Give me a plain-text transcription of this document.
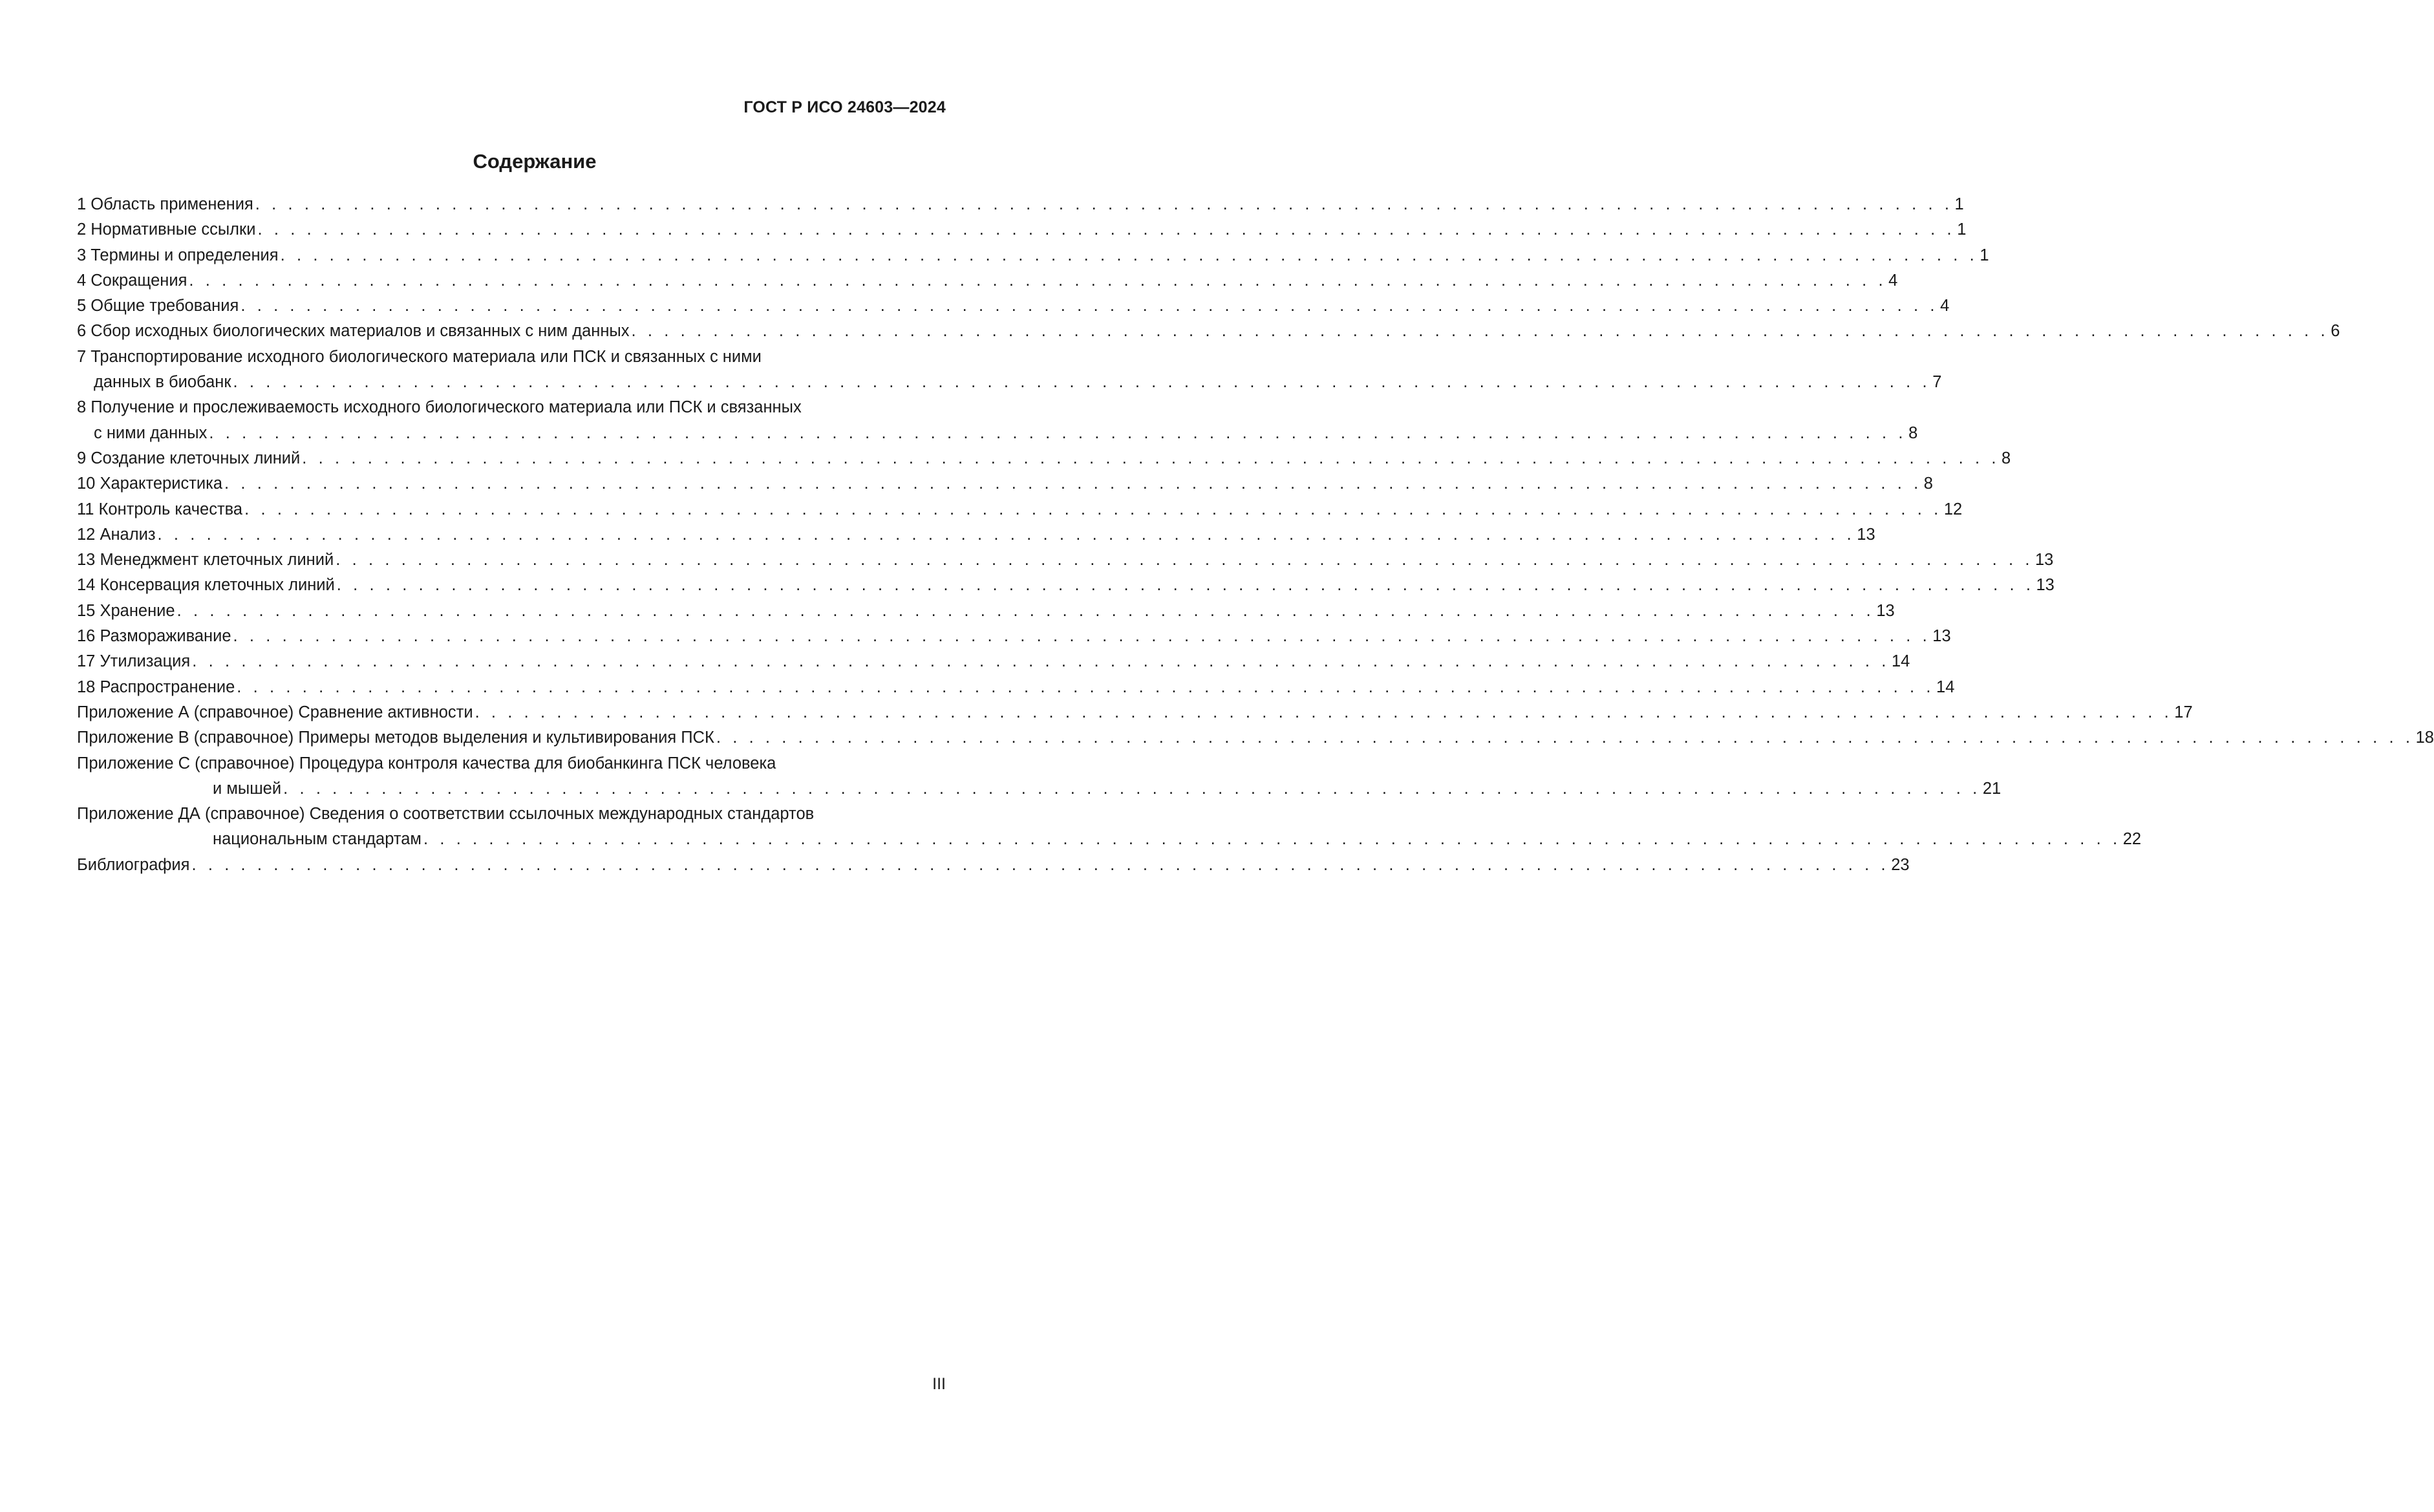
ГОСТ Р ИСО 24603—2024
Содержание
1 Область применения . . . . . . . . . . . . . . . . . . . . . . . . . . . . . . . . . . . . . . . . . . . . . . . . . . . . . . . . . . . . . . . . . . . . . . . . . . . . . . . . . . . . . . . . . . . . . . . . . . . . . . . . 1
2 Нормативные ссылки . . . . . . . . . . . . . . . . . . . . . . . . . . . . . . . . . . . . . . . . . . . . . . . . . . . . . . . . . . . . . . . . . . . . . . . . . . . . . . . . . . . . . . . . . . . . . . . . . . . . . . . . 1
3 Термины и определения . . . . . . . . . . . . . . . . . . . . . . . . . . . . . . . . . . . . . . . . . . . . . . . . . . . . . . . . . . . . . . . . . . . . . . . . . . . . . . . . . . . . . . . . . . . . . . . . . . . . . . . . 1
4 Сокращения . . . . . . . . . . . . . . . . . . . . . . . . . . . . . . . . . . . . . . . . . . . . . . . . . . . . . . . . . . . . . . . . . . . . . . . . . . . . . . . . . . . . . . . . . . . . . . . . . . . . . . . . 4
5 Общие требования . . . . . . . . . . . . . . . . . . . . . . . . . . . . . . . . . . . . . . . . . . . . . . . . . . . . . . . . . . . . . . . . . . . . . . . . . . . . . . . . . . . . . . . . . . . . . . . . . . . . . . . . 4
6 Сбор исходных биологических материалов и связанных с ним данных . . . . . . . . . . . . . . . . . . . . . . . . . . . . . . . . . . . . . . . . . . . . . . . . . . . . . . . . . . . . . . . . . . . . . . . . . . . . . . . . . . . . . . . . . . . . . . . . . . . . . . . . 6
7 Транспортирование исходного биологического материала или ПСК и связанных с ними
данных в биобанк . . . . . . . . . . . . . . . . . . . . . . . . . . . . . . . . . . . . . . . . . . . . . . . . . . . . . . . . . . . . . . . . . . . . . . . . . . . . . . . . . . . . . . . . . . . . . . . . . . . . . . . . 7
8 Получение и прослеживаемость исходного биологического материала или ПСК и связанных
с ними данных . . . . . . . . . . . . . . . . . . . . . . . . . . . . . . . . . . . . . . . . . . . . . . . . . . . . . . . . . . . . . . . . . . . . . . . . . . . . . . . . . . . . . . . . . . . . . . . . . . . . . . . . 8
9 Создание клеточных линий . . . . . . . . . . . . . . . . . . . . . . . . . . . . . . . . . . . . . . . . . . . . . . . . . . . . . . . . . . . . . . . . . . . . . . . . . . . . . . . . . . . . . . . . . . . . . . . . . . . . . . . . 8
10 Характеристика . . . . . . . . . . . . . . . . . . . . . . . . . . . . . . . . . . . . . . . . . . . . . . . . . . . . . . . . . . . . . . . . . . . . . . . . . . . . . . . . . . . . . . . . . . . . . . . . . . . . . . . . 8
11 Контроль качества . . . . . . . . . . . . . . . . . . . . . . . . . . . . . . . . . . . . . . . . . . . . . . . . . . . . . . . . . . . . . . . . . . . . . . . . . . . . . . . . . . . . . . . . . . . . . . . . . . . . . . . . 12
12 Анализ . . . . . . . . . . . . . . . . . . . . . . . . . . . . . . . . . . . . . . . . . . . . . . . . . . . . . . . . . . . . . . . . . . . . . . . . . . . . . . . . . . . . . . . . . . . . . . . . . . . . . . . . 13
13 Менеджмент клеточных линий . . . . . . . . . . . . . . . . . . . . . . . . . . . . . . . . . . . . . . . . . . . . . . . . . . . . . . . . . . . . . . . . . . . . . . . . . . . . . . . . . . . . . . . . . . . . . . . . . . . . . . . . 13
14 Консервация клеточных линий . . . . . . . . . . . . . . . . . . . . . . . . . . . . . . . . . . . . . . . . . . . . . . . . . . . . . . . . . . . . . . . . . . . . . . . . . . . . . . . . . . . . . . . . . . . . . . . . . . . . . . . . 13
15 Хранение . . . . . . . . . . . . . . . . . . . . . . . . . . . . . . . . . . . . . . . . . . . . . . . . . . . . . . . . . . . . . . . . . . . . . . . . . . . . . . . . . . . . . . . . . . . . . . . . . . . . . . . . 13
16 Размораживание . . . . . . . . . . . . . . . . . . . . . . . . . . . . . . . . . . . . . . . . . . . . . . . . . . . . . . . . . . . . . . . . . . . . . . . . . . . . . . . . . . . . . . . . . . . . . . . . . . . . . . . . 13
17 Утилизация . . . . . . . . . . . . . . . . . . . . . . . . . . . . . . . . . . . . . . . . . . . . . . . . . . . . . . . . . . . . . . . . . . . . . . . . . . . . . . . . . . . . . . . . . . . . . . . . . . . . . . . . 14
18 Распространение . . . . . . . . . . . . . . . . . . . . . . . . . . . . . . . . . . . . . . . . . . . . . . . . . . . . . . . . . . . . . . . . . . . . . . . . . . . . . . . . . . . . . . . . . . . . . . . . . . . . . . . . 14
Приложение А (справочное) Сравнение активности . . . . . . . . . . . . . . . . . . . . . . . . . . . . . . . . . . . . . . . . . . . . . . . . . . . . . . . . . . . . . . . . . . . . . . . . . . . . . . . . . . . . . . . . . . . . . . . . . . . . . . . . 17
Приложение В (справочное) Примеры методов выделения и культивирования ПСК . . . . . . . . . . . . . . . . . . . . . . . . . . . . . . . . . . . . . . . . . . . . . . . . . . . . . . . . . . . . . . . . . . . . . . . . . . . . . . . . . . . . . . . . . . . . . . . . . . . . . . . . 18
Приложение С (справочное) Процедура контроля качества для биобанкинга ПСК человека
и мышей . . . . . . . . . . . . . . . . . . . . . . . . . . . . . . . . . . . . . . . . . . . . . . . . . . . . . . . . . . . . . . . . . . . . . . . . . . . . . . . . . . . . . . . . . . . . . . . . . . . . . . . . 21
Приложение ДА (справочное) Сведения о соответствии ссылочных международных стандартов
национальным стандартам . . . . . . . . . . . . . . . . . . . . . . . . . . . . . . . . . . . . . . . . . . . . . . . . . . . . . . . . . . . . . . . . . . . . . . . . . . . . . . . . . . . . . . . . . . . . . . . . . . . . . . . . 22
Библиография . . . . . . . . . . . . . . . . . . . . . . . . . . . . . . . . . . . . . . . . . . . . . . . . . . . . . . . . . . . . . . . . . . . . . . . . . . . . . . . . . . . . . . . . . . . . . . . . . . . . . . . . 23
III
